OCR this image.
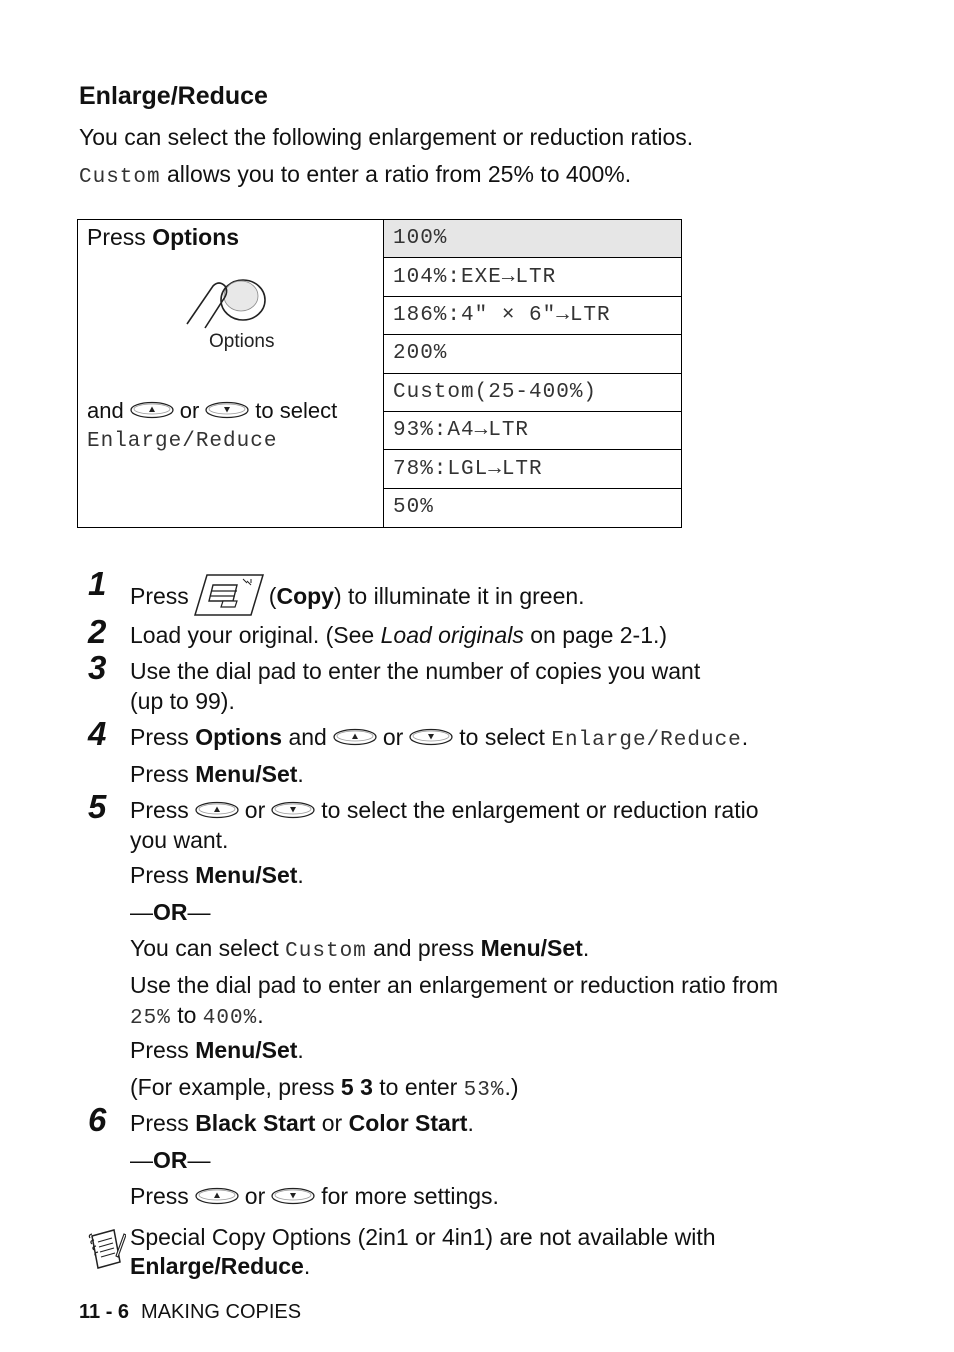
Enlarge/Reduce

You can select the following enlargement or reduction ratios.

Custom allows you to enter a ratio from 25% to 400%.

Press Options
Options
and	or	to select
Enlarge/Reduce
100%
104%:EXE→LTR
186%:4" × 6"→LTR
200%
Custom(25-400%)
93%:A4→LTR
78%:LGL→LTR
50%
1 Press	(Copy) to illuminate it in green.

2 Load your original. (See Load originals on page 2-1.)

3 Use the dial pad to enter the number of copies you want

(up to 99).

4 Press Options and or to select Enlarge/Reduce.

Press Menu/Set.

5 Press or to select the enlargement or reduction ratio

you want.

Press Menu/Set.

—OR—

You can select Custom and press Menu/Set.

Use the dial pad to enter an enlargement or reduction ratio from

25% to 400%.

Press Menu/Set.

(For example, press 5 3 to enter 53%.)

6 Press Black Start or Color Start.

—OR—

Press or for more settings.

Special Copy Options (2in1 or 4in1) are not available with

Enlarge/Reduce.

11 - 6 MAKING COPIES
